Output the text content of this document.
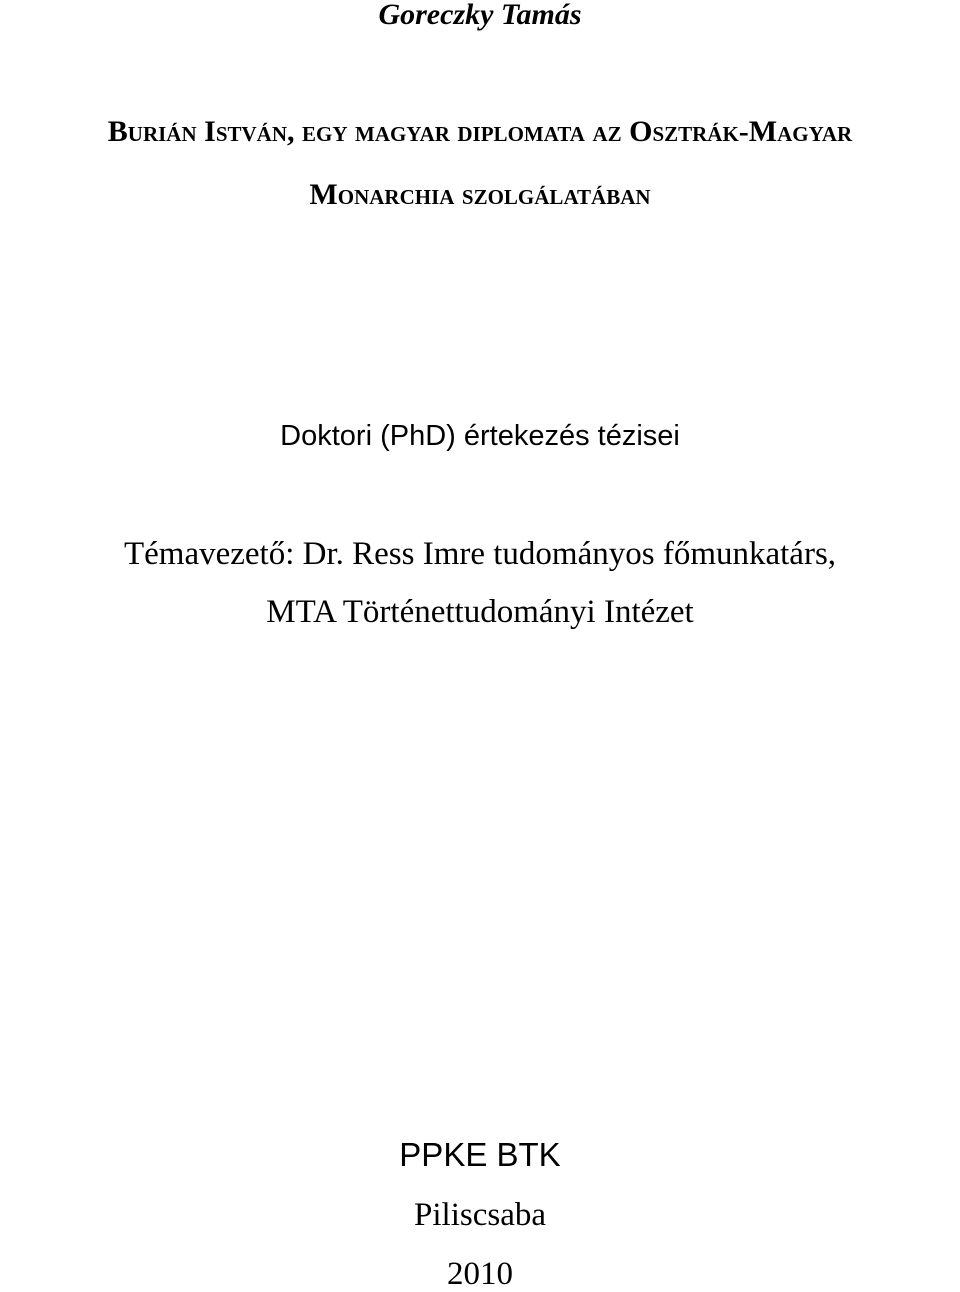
Goreczky Tamás
Burián István, egy magyar diplomata az Osztrák-Magyar
Monarchia szolgálatában
Doktori (PhD) értekezés tézisei
Témavezető: Dr. Ress Imre tudományos főmunkatárs,
MTA Történettudományi Intézet
PPKE BTK
Piliscsaba
2010
